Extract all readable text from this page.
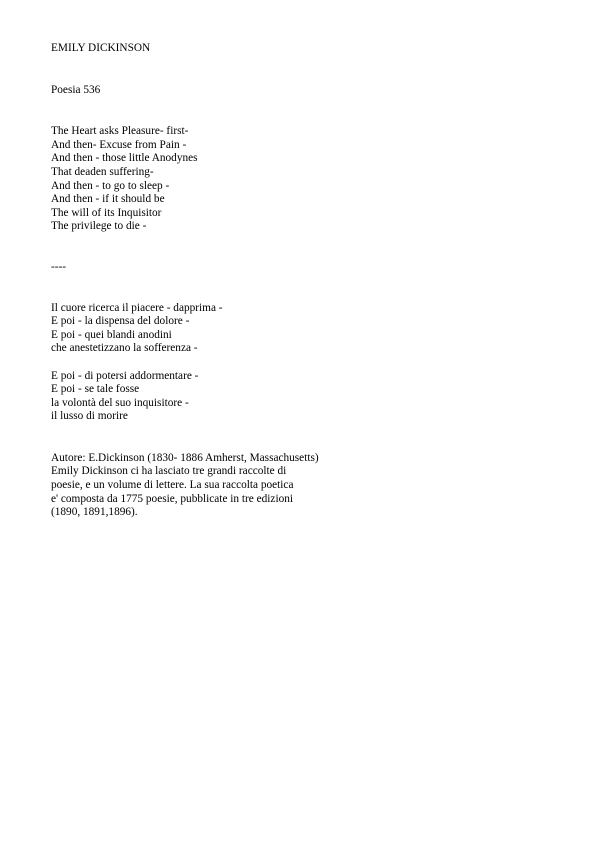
EMILY DICKINSON
Poesia 536
The Heart asks Pleasure- first-
And then- Excuse from Pain -
And then - those little Anodynes
That deaden suffering-
And then - to go to sleep -
And then - if it should be
The will of its Inquisitor
The privilege to die -
----
Il cuore ricerca il piacere - dapprima -
E poi - la dispensa del dolore -
E poi - quei blandi anodini
che anestetizzano la sofferenza -
E poi - di potersi addormentare -
E poi - se tale fosse
la volontà del suo inquisitore -
il lusso di morire
Autore: E.Dickinson (1830- 1886 Amherst, Massachusetts)
Emily Dickinson ci ha lasciato tre grandi raccolte di
poesie, e un volume di lettere. La sua raccolta poetica
e' composta da 1775 poesie, pubblicate in tre edizioni
(1890, 1891,1896).
